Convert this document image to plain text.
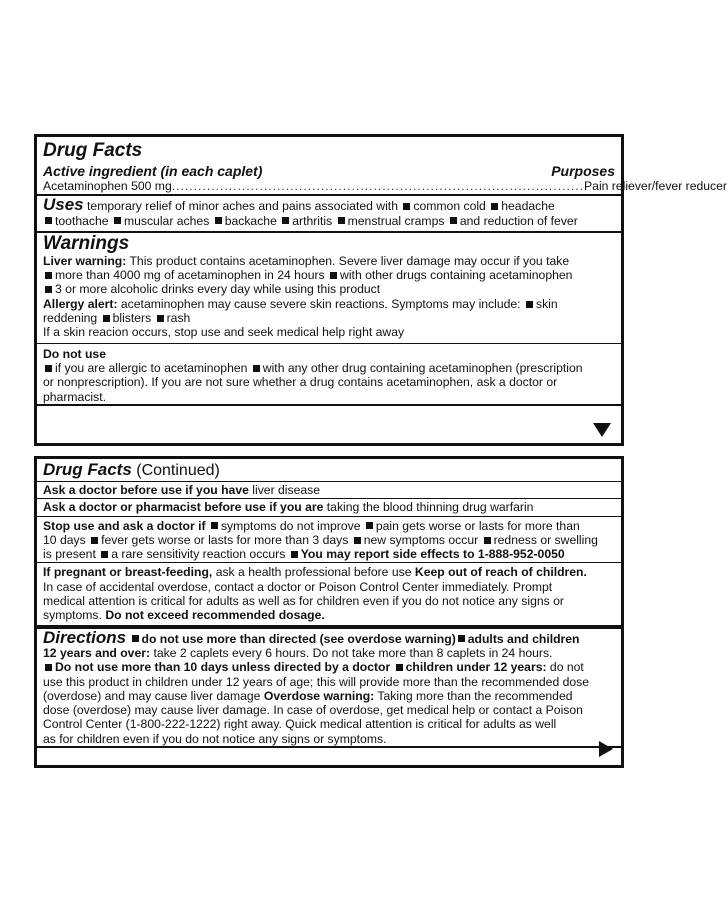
Drug Facts
Active ingredient (in each caplet)	Purposes
Acetaminophen 500 mg .............................................................................................. Pain reliever/fever reducer
Uses temporary relief of minor aches and pains associated with common cold headache
toothache muscular aches backache arthritis menstrual cramps and reduction of fever
Warnings
Liver warning: This product contains acetaminophen. Severe liver damage may occur if you take
more than 4000 mg of acetaminophen in 24 hours with other drugs containing acetaminophen
3 or more alcoholic drinks every day while using this product
Allergy alert: acetaminophen may cause severe skin reactions. Symptoms may include: skin
reddening blisters rash
If a skin reacion occurs, stop use and seek medical help right away
Do not use
if you are allergic to acetaminophen with any other drug containing acetaminophen (prescription
or nonprescription). If you are not sure whether a drug contains acetaminophen, ask a doctor or
pharmacist.
Drug Facts (Continued)
Ask a doctor before use if you have liver disease
Ask a doctor or pharmacist before use if you are taking the blood thinning drug warfarin
Stop use and ask a doctor if symptoms do not improve pain gets worse or lasts for more than
10 days fever gets worse or lasts for more than 3 days new symptoms occur redness or swelling
is present a rare sensitivity reaction occurs You may report side effects to 1-888-952-0050
If pregnant or breast-feeding, ask a health professional before use Keep out of reach of children.
In case of accidental overdose, contact a doctor or Poison Control Center immediately. Prompt
medical attention is critical for adults as well as for children even if you do not notice any signs or
symptoms. Do not exceed recommended dosage.
Directions do not use more than directed (see overdose warning) adults and children
12 years and over: take 2 caplets every 6 hours. Do not take more than 8 caplets in 24 hours.
Do not use more than 10 days unless directed by a doctor children under 12 years: do not
use this product in children under 12 years of age; this will provide more than the recommended dose
(overdose) and may cause liver damage Overdose warning: Taking more than the recommended
dose (overdose) may cause liver damage. In case of overdose, get medical help or contact a Poison
Control Center (1-800-222-1222) right away. Quick medical attention is critical for adults as well
as for children even if you do not notice any signs or symptoms.
